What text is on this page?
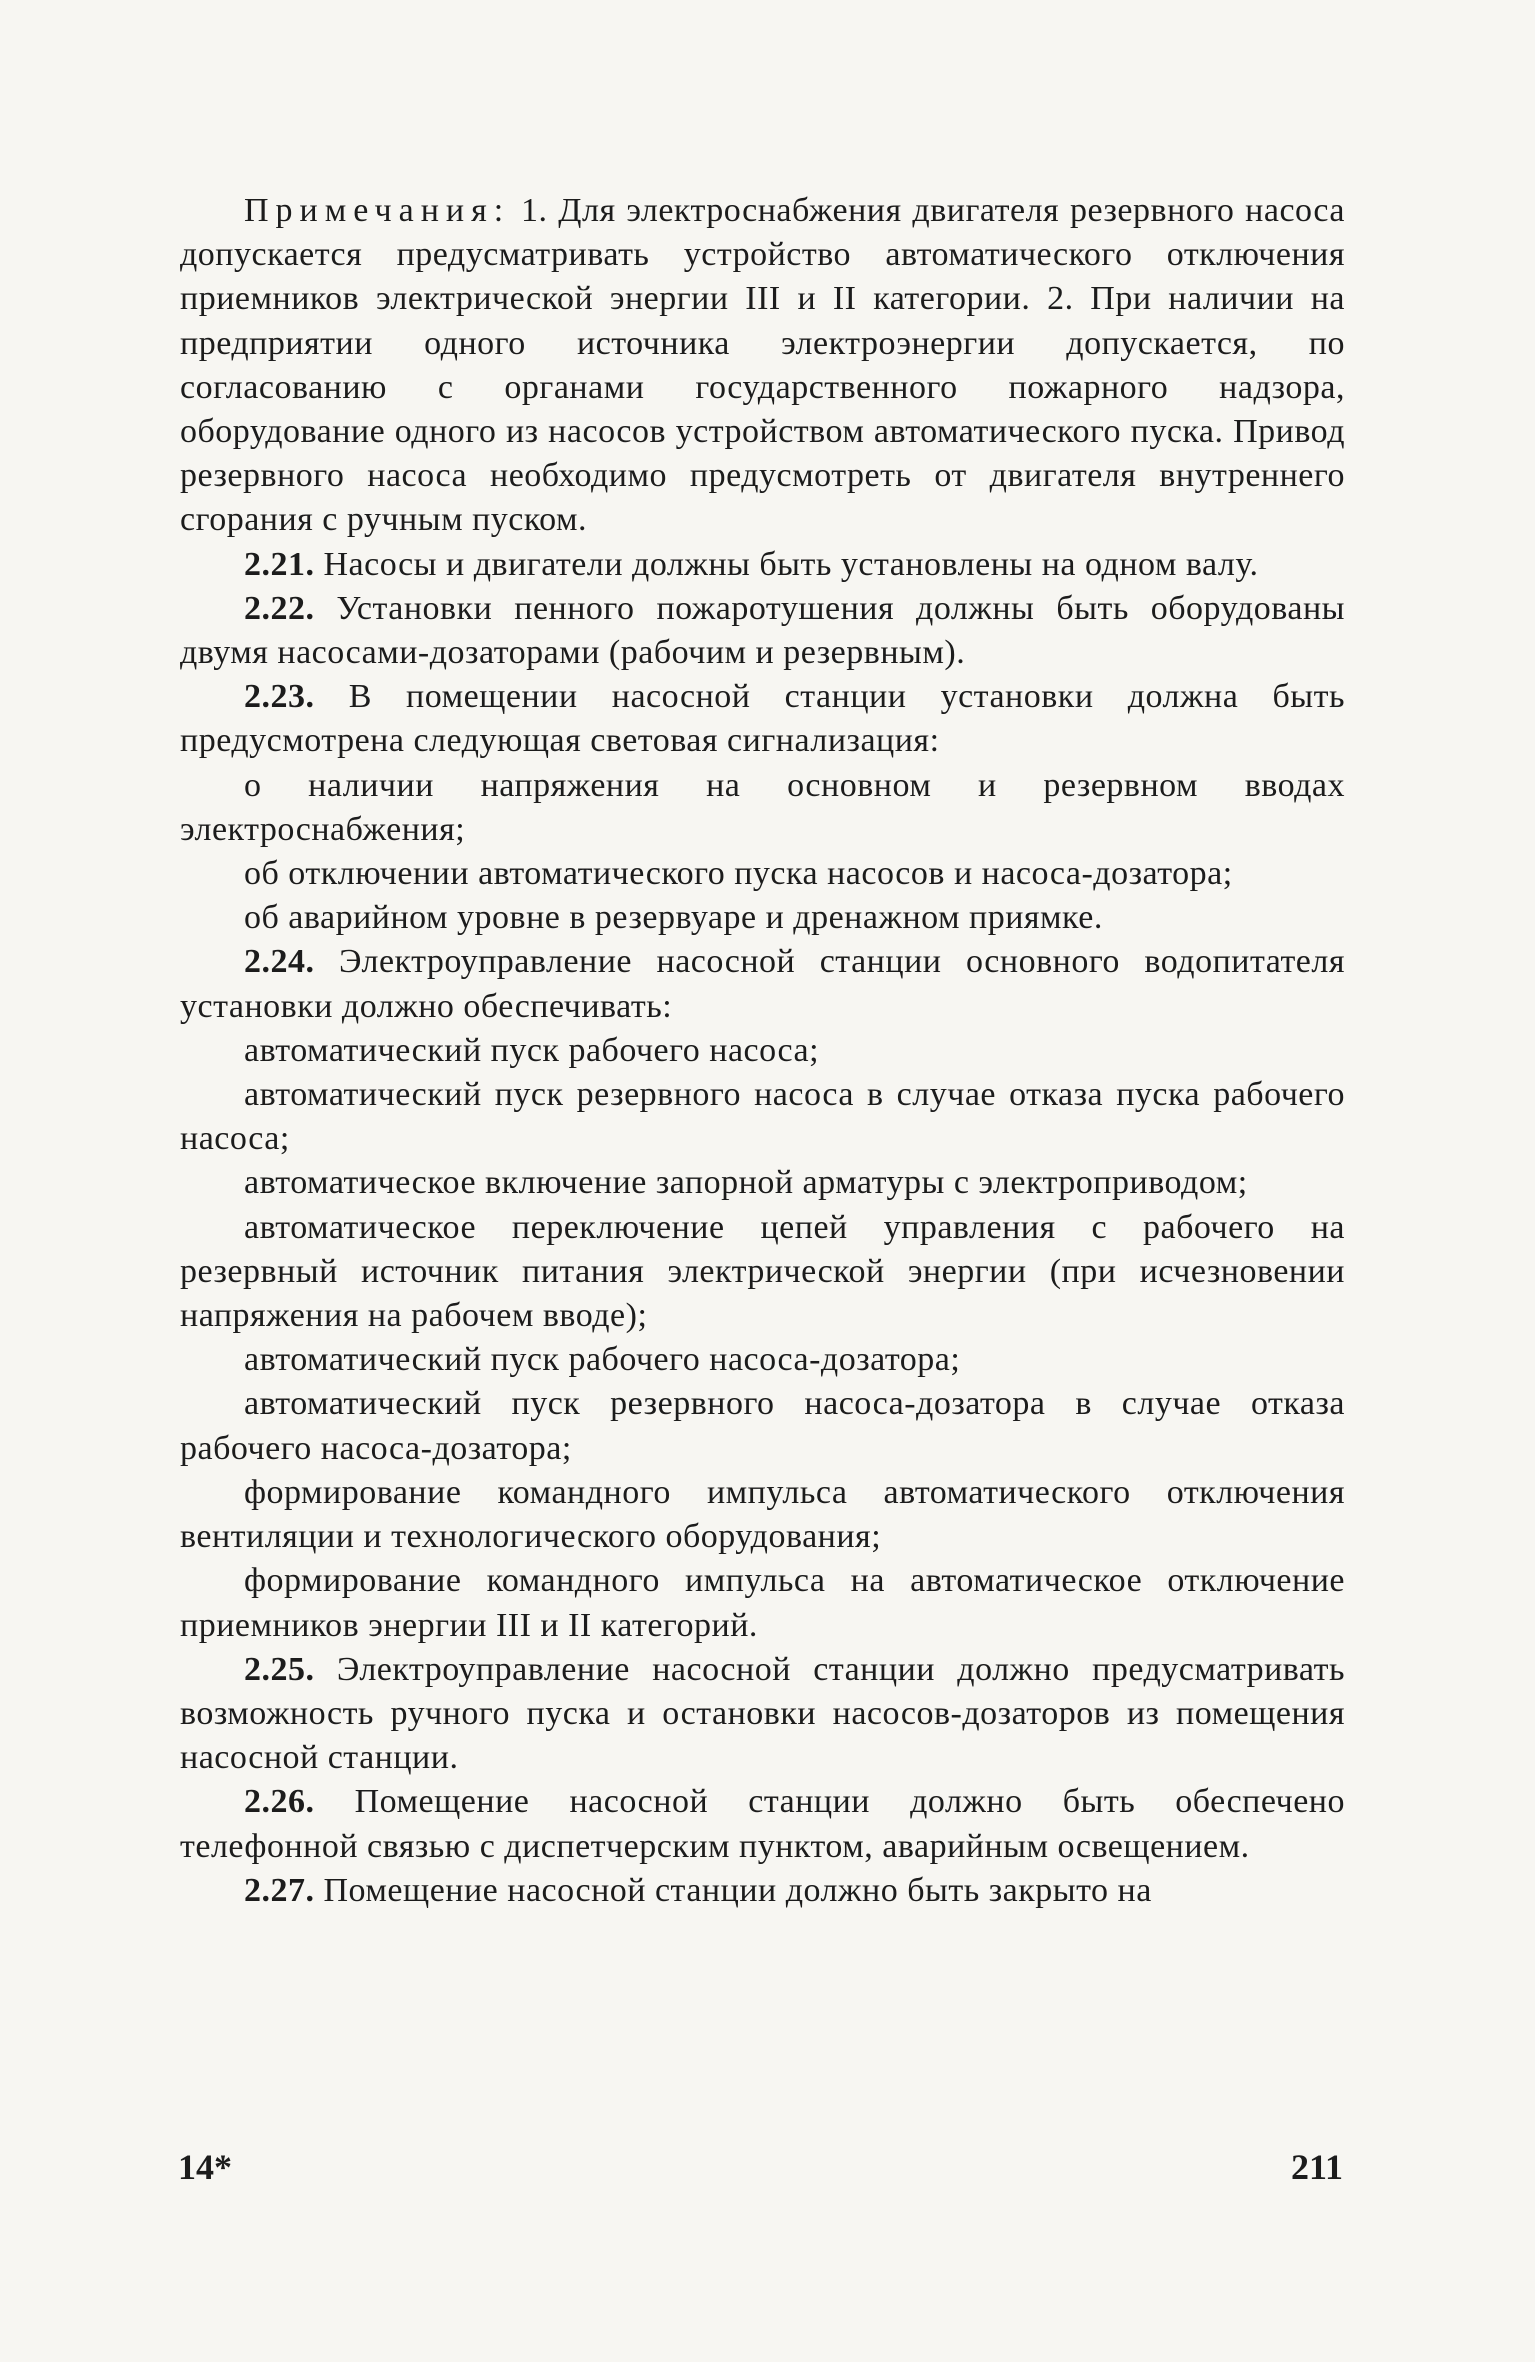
Примечания: 1. Для электроснабжения двигателя резервного насоса допускается предусматривать устройство автоматического отключения приемников электрической энергии III и II категории. 2. При наличии на предприятии одного источника электроэнергии допускается, по согласованию с органами государственного пожарного надзора, оборудование одного из насосов устройством автоматического пуска. Привод резервного насоса необходимо предусмотреть от двигателя внутреннего сгорания с ручным пуском.

2.21. Насосы и двигатели должны быть установлены на одном валу.

2.22. Установки пенного пожаротушения должны быть оборудованы двумя насосами-дозаторами (рабочим и резервным).

2.23. В помещении насосной станции установки должна быть предусмотрена следующая световая сигнализация:

о наличии напряжения на основном и резервном вводах электроснабжения;

об отключении автоматического пуска насосов и насоса-дозатора;

об аварийном уровне в резервуаре и дренажном приямке.

2.24. Электроуправление насосной станции основного водопитателя установки должно обеспечивать:

автоматический пуск рабочего насоса;

автоматический пуск резервного насоса в случае отказа пуска рабочего насоса;

автоматическое включение запорной арматуры с электроприводом;

автоматическое переключение цепей управления с рабочего на резервный источник питания электрической энергии (при исчезновении напряжения на рабочем вводе);

автоматический пуск рабочего насоса-дозатора;

автоматический пуск резервного насоса-дозатора в случае отказа рабочего насоса-дозатора;

формирование командного импульса автоматического отключения вентиляции и технологического оборудования;

формирование командного импульса на автоматическое отключение приемников энергии III и II категорий.

2.25. Электроуправление насосной станции должно предусматривать возможность ручного пуска и остановки насосов-дозаторов из помещения насосной станции.

2.26. Помещение насосной станции должно быть обеспечено телефонной связью с диспетчерским пунктом, аварийным освещением.

2.27. Помещение насосной станции должно быть закрыто на

14*	211
